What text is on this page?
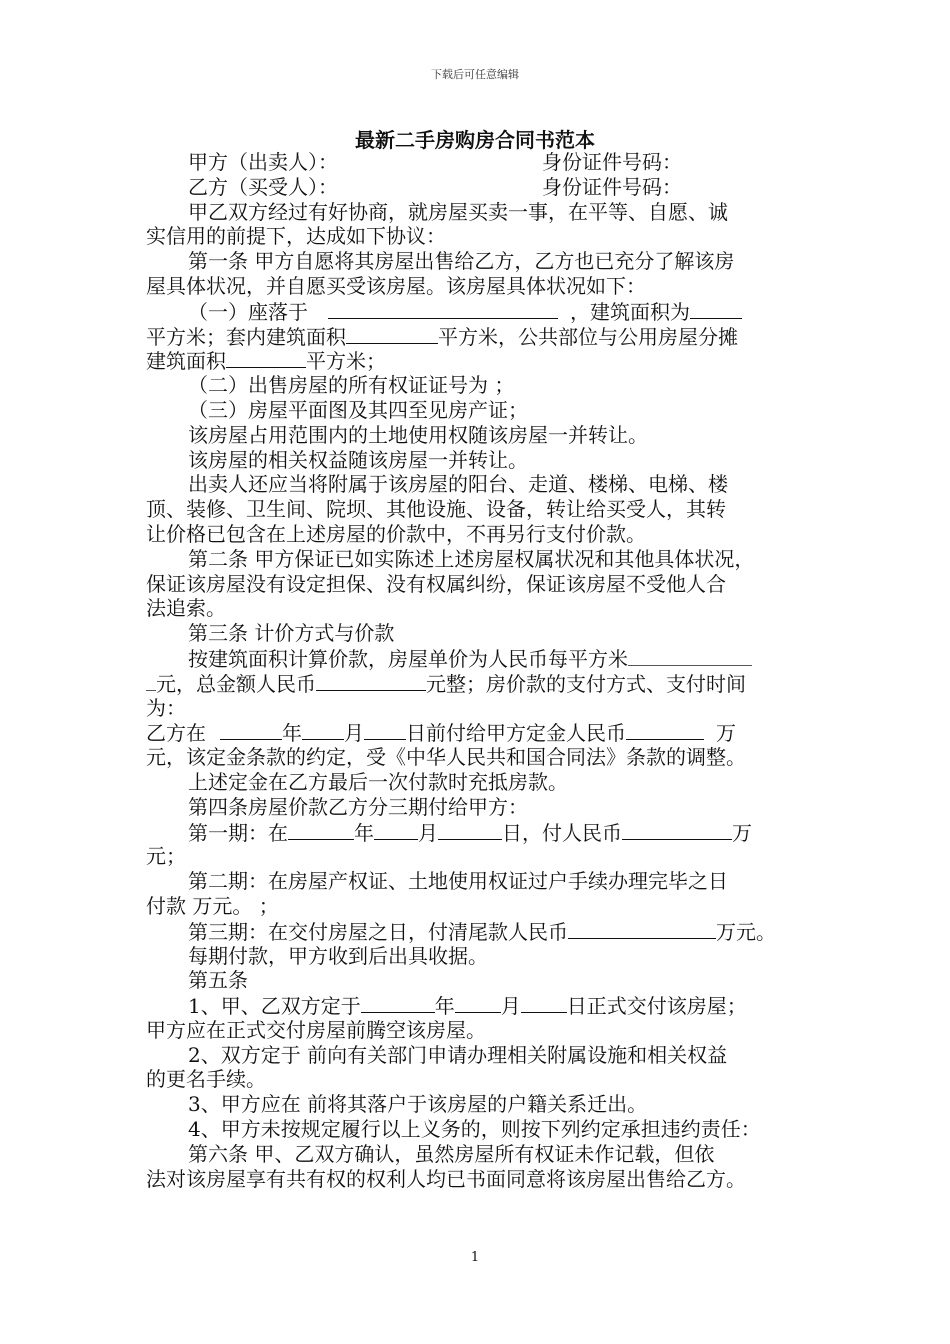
下载后可任意编辑
最新二手房购房合同书范本
甲方（出卖人）：	身份证件号码：
乙方（买受人）：	身份证件号码：
甲乙双方经过有好协商，就房屋买卖一事，在平等、自愿、诚
实信用的前提下，达成如下协议：
第一条 甲方自愿将其房屋出售给乙方，乙方也已充分了解该房
屋具体状况，并自愿买受该房屋。该房屋具体状况如下：
（一）座落于	，建筑面积为
平方米；套内建筑面积	平方米，公共部位与公用房屋分摊
建筑面积	平方米；
（二）出售房屋的所有权证证号为 ；
（三）房屋平面图及其四至见房产证；
该房屋占用范围内的土地使用权随该房屋一并转让。
该房屋的相关权益随该房屋一并转让。
出卖人还应当将附属于该房屋的阳台、走道、楼梯、电梯、楼
顶、装修、卫生间、院坝、其他设施、设备，转让给买受人，其转
让价格已包含在上述房屋的价款中，不再另行支付价款。
第二条 甲方保证已如实陈述上述房屋权属状况和其他具体状况，
保证该房屋没有设定担保、没有权属纠纷，保证该房屋不受他人合
法追索。
第三条 计价方式与价款
按建筑面积计算价款，房屋单价为人民币每平方米
元，总金额人民币	元整；房价款的支付方式、支付时间
为：
乙方在	年 月 日前付给甲方定金人民币	万
元，该定金条款的约定，受《中华人民共和国合同法》条款的调整。
上述定金在乙方最后一次付款时充抵房款。
第四条房屋价款乙方分三期付给甲方：
第一期：在	年 月	日，付人民币	万
元；
第二期：在房屋产权证、土地使用权证过户手续办理完毕之日
付款 万元。 ；
第三期：在交付房屋之日，付清尾款人民币	万元。
每期付款，甲方收到后出具收据。
第五条
1、甲、乙双方定于	年 月 日正式交付该房屋；
甲方应在正式交付房屋前腾空该房屋。
2、双方定于 前向有关部门申请办理相关附属设施和相关权益
的更名手续。
3、甲方应在 前将其落户于该房屋的户籍关系迁出。
4、甲方未按规定履行以上义务的，则按下列约定承担违约责任：
第六条 甲、乙双方确认，虽然房屋所有权证未作记载，但依
法对该房屋享有共有权的权利人均已书面同意将该房屋出售给乙方。
1
